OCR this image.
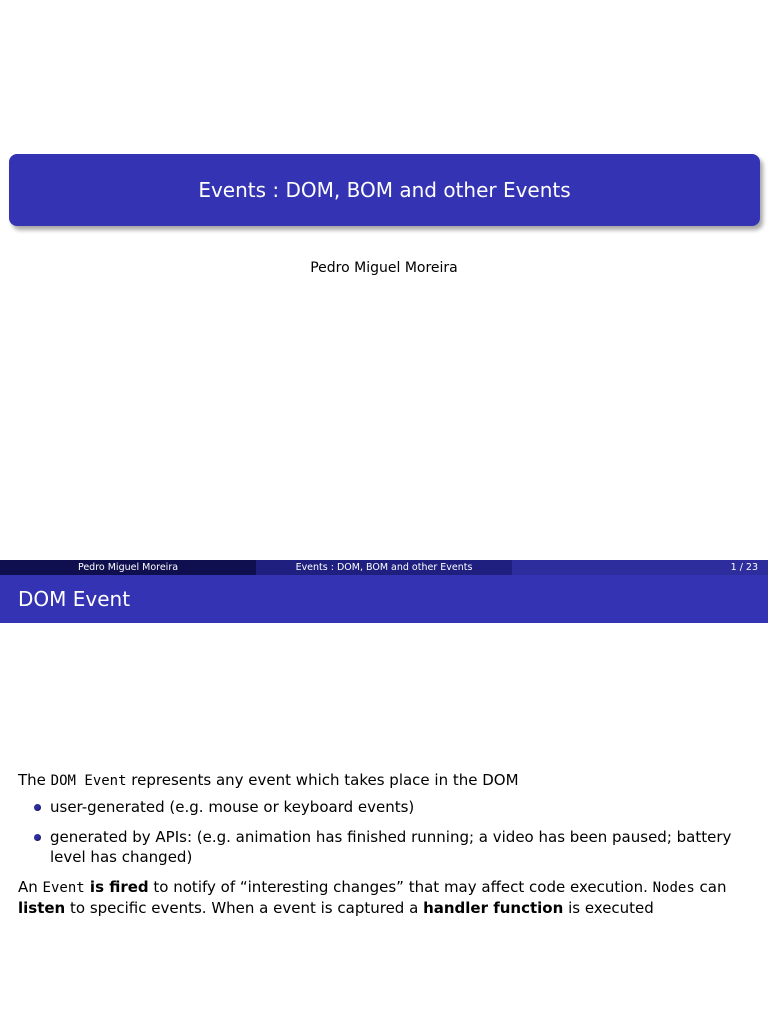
Events : DOM, BOM and other Events
Pedro Miguel Moreira
Pedro Miguel Moreira	Events : DOM, BOM and other Events	1 / 23
DOM Event

The DOM Event represents any event which takes place in the DOM

user-generated (e.g. mouse or keyboard events)
generated by APIs: (e.g. animation has finished running; a video has been paused; battery level has changed)

An Event is fired to notify of “interesting changes” that may affect code execution. Nodes can listen to specific events. When a event is captured a handler function is executed
